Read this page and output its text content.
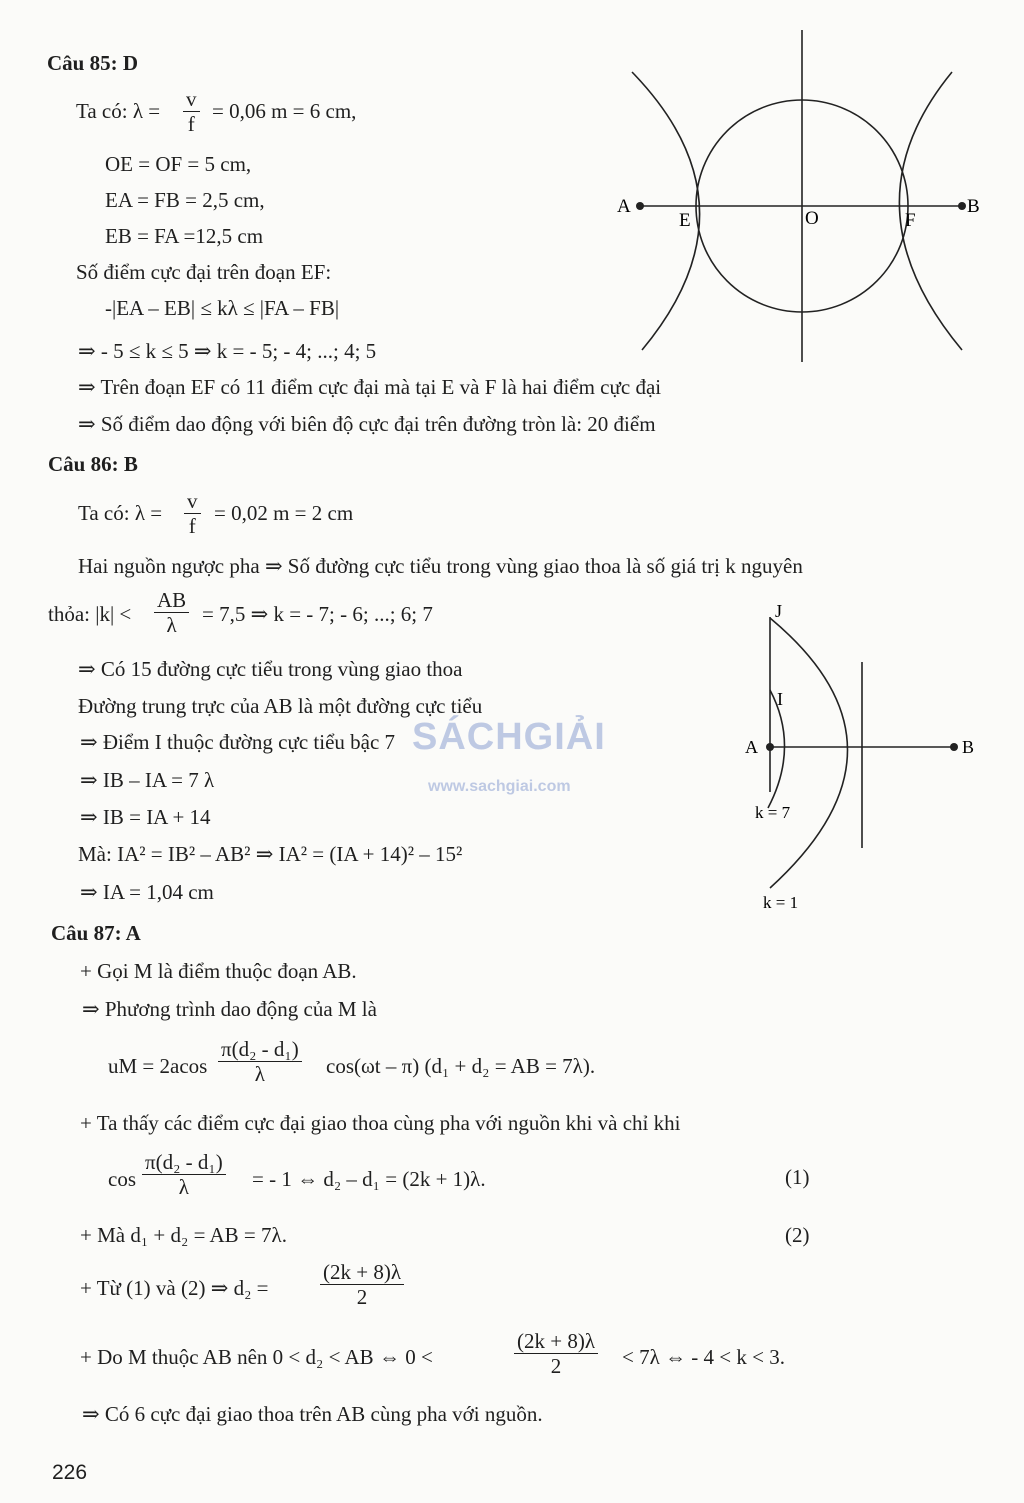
Câu 85: D
Ta có: $\lambda = \frac{v}{f} = 0,06$ m = 6 cm,
OE = OF = 5 cm,
EA = FB = 2,5 cm,
EB = FA =12,5 cm
Số điểm cực đại trên đoạn EF:
-|EA – EB| ≤ kλ ≤ |FA – FB|
⇒ - 5 ≤ k ≤ 5 ⇒ k = - 5; - 4; ...; 4; 5
⇒ Trên đoạn EF có 11 điểm cực đại mà tại E và F là hai điểm cực đại
⇒ Số điểm dao động với biên độ cực đại trên đường tròn là: 20 điểm
A	B
E	O	F
Câu 86: B
Ta có: $\lambda = \frac{v}{f} = 0,02$ m = 2 cm
Hai nguồn ngược pha ⇒ Số đường cực tiểu trong vùng giao thoa là số giá trị k nguyên
thỏa: $|k| < \frac{AB}{\lambda} = 7,5$ ⇒ k = - 7; - 6; ...; 6; 7
⇒ Có 15 đường cực tiểu trong vùng giao thoa
Đường trung trực của AB là một đường cực tiểu
⇒ Điểm I thuộc đường cực tiểu bậc 7
⇒ IB – IA = 7 λ
⇒ IB = IA + 14
Mà: IA² = IB² – AB² ⇒ IA² = (IA + 14)² – 15²
⇒ IA = 1,04 cm
SÁCHGIẢI
www.sachgiai.com
J
I
A	B
k = 7
k = 1
Câu 87: A
+ Gọi M là điểm thuộc đoạn AB.
⇒ Phương trình dao động của M là
uM = $2acos \frac{\text{π(d₂ - d₁)}}{\lambda} \cos(\omega t - \pi) (d_1 + d_2$ = AB = 7λ).
+ Ta thấy các điểm cực đại giao thoa cùng pha với nguồn khi và chỉ khi
$\cos \frac{\text{π(d₂ - d₁)}}{\lambda}$ = - 1 ⇔ d₂ – d₁ = (2k + 1)λ.	(1)
+ Mà d₁ + d₂ = AB = 7λ.	(2)
+ Từ (1) và (2) ⇒ $d_2 = \frac{(2k + 8)\lambda}{2}$
+ Do M thuộc AB nên 0 < d₂ < AB ⇔ 0 <	$\frac{(2k + 8)\lambda}{2} < 7\lambda$ ⇔ - 4 < k < 3.
⇒ Có 6 cực đại giao thoa trên AB cùng pha với nguồn.
226
